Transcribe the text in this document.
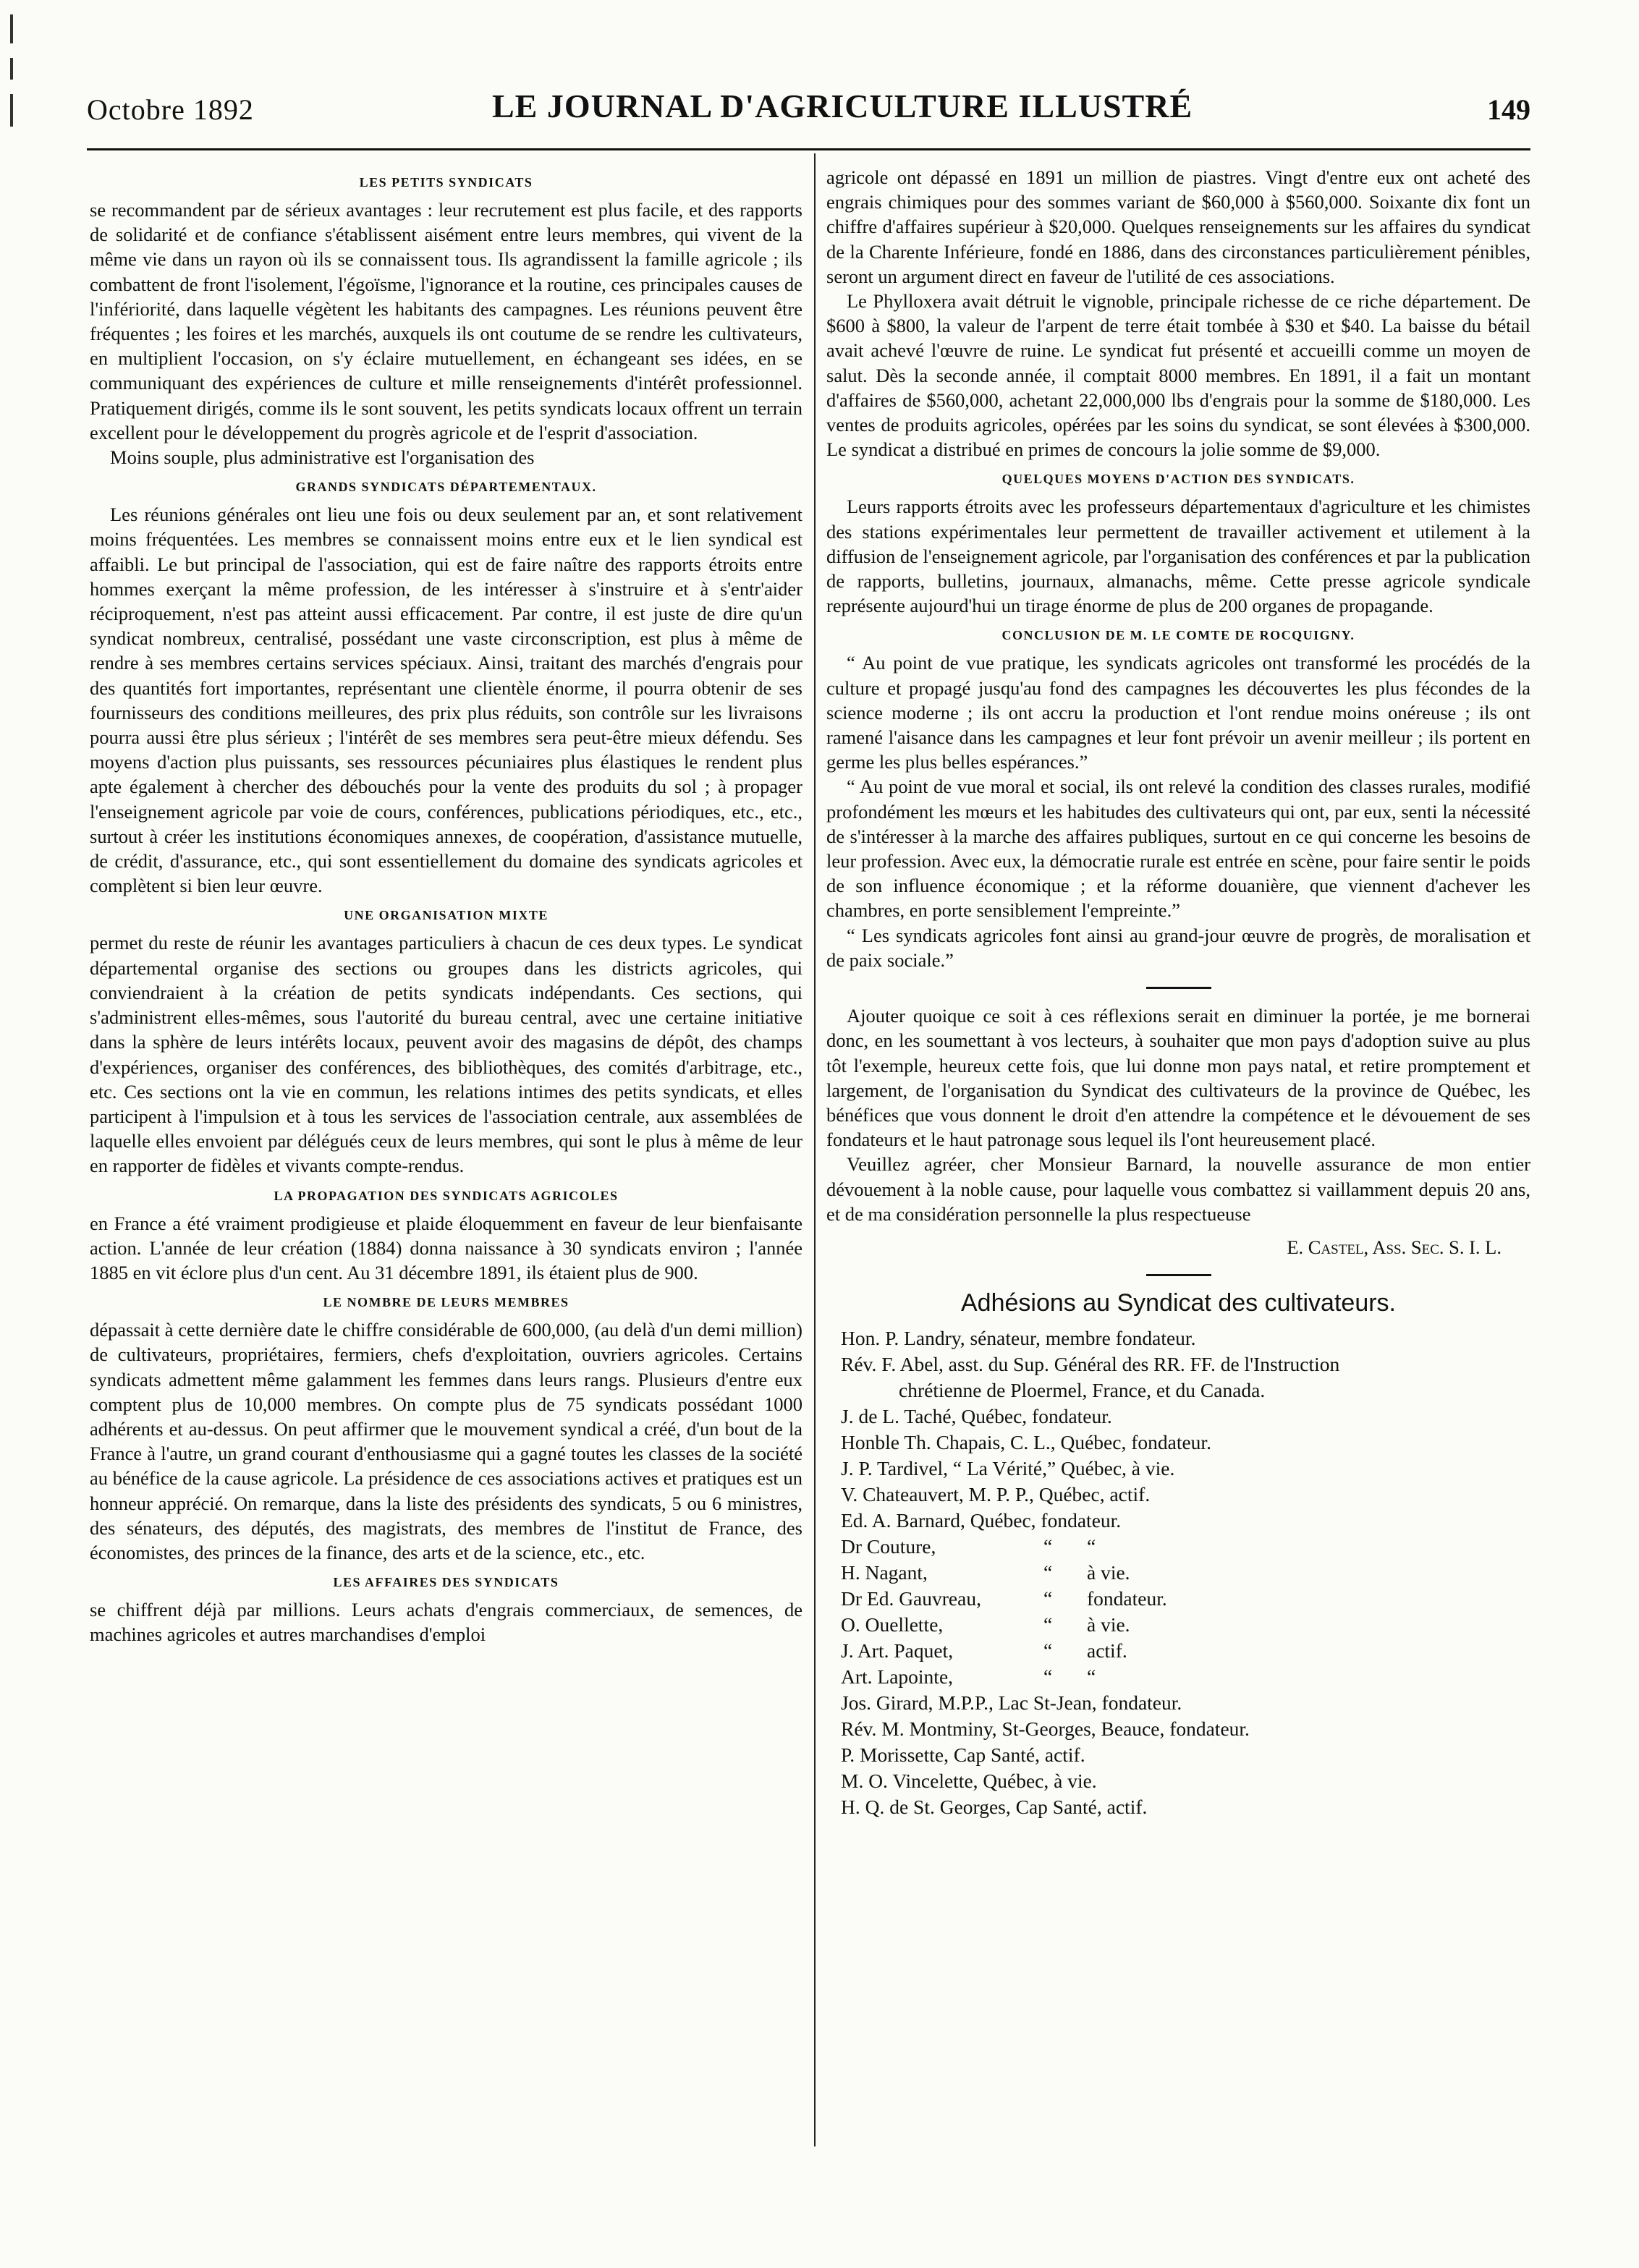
Octobre 1892	LE JOURNAL D'AGRICULTURE ILLUSTRÉ	149
LES PETITS SYNDICATS

se recommandent par de sérieux avantages : leur recrutement est plus facile, et des rapports de solidarité et de confiance s'établissent aisément entre leurs membres, qui vivent de la même vie dans un rayon où ils se connaissent tous. Ils agrandissent la famille agricole ; ils combattent de front l'isolement, l'égoïsme, l'ignorance et la routine, ces principales causes de l'infériorité, dans laquelle végètent les habitants des campagnes. Les réunions peuvent être fréquentes ; les foires et les marchés, auxquels ils ont coutume de se rendre les cultivateurs, en multiplient l'occasion, on s'y éclaire mutuellement, en échangeant ses idées, en se communiquant des expériences de culture et mille renseignements d'intérêt professionnel. Pratiquement dirigés, comme ils le sont souvent, les petits syndicats locaux offrent un terrain excellent pour le développement du progrès agricole et de l'esprit d'association.

Moins souple, plus administrative est l'organisation des

GRANDS SYNDICATS DÉPARTEMENTAUX.

Les réunions générales ont lieu une fois ou deux seulement par an, et sont relativement moins fréquentées. Les membres se connaissent moins entre eux et le lien syndical est affaibli. Le but principal de l'association, qui est de faire naître des rapports étroits entre hommes exerçant la même profession, de les intéresser à s'instruire et à s'entr'aider réciproquement, n'est pas atteint aussi efficacement. Par contre, il est juste de dire qu'un syndicat nombreux, centralisé, possédant une vaste circonscription, est plus à même de rendre à ses membres certains services spéciaux. Ainsi, traitant des marchés d'engrais pour des quantités fort importantes, représentant une clientèle énorme, il pourra obtenir de ses fournisseurs des conditions meilleures, des prix plus réduits, son contrôle sur les livraisons pourra aussi être plus sérieux ; l'intérêt de ses membres sera peut-être mieux défendu. Ses moyens d'action plus puissants, ses ressources pécuniaires plus élastiques le rendent plus apte également à chercher des débouchés pour la vente des produits du sol ; à propager l'enseignement agricole par voie de cours, conférences, publications périodiques, etc., etc., surtout à créer les institutions économiques annexes, de coopération, d'assistance mutuelle, de crédit, d'assurance, etc., qui sont essentiellement du domaine des syndicats agricoles et complètent si bien leur œuvre.

UNE ORGANISATION MIXTE

permet du reste de réunir les avantages particuliers à chacun de ces deux types. Le syndicat départemental organise des sections ou groupes dans les districts agricoles, qui conviendraient à la création de petits syndicats indépendants. Ces sections, qui s'administrent elles-mêmes, sous l'autorité du bureau central, avec une certaine initiative dans la sphère de leurs intérêts locaux, peuvent avoir des magasins de dépôt, des champs d'expériences, organiser des conférences, des bibliothèques, des comités d'arbitrage, etc., etc. Ces sections ont la vie en commun, les relations intimes des petits syndicats, et elles participent à l'impulsion et à tous les services de l'association centrale, aux assemblées de laquelle elles envoient par délégués ceux de leurs membres, qui sont le plus à même de leur en rapporter de fidèles et vivants compte-rendus.

LA PROPAGATION DES SYNDICATS AGRICOLES

en France a été vraiment prodigieuse et plaide éloquemment en faveur de leur bienfaisante action. L'année de leur création (1884) donna naissance à 30 syndicats environ ; l'année 1885 en vit éclore plus d'un cent. Au 31 décembre 1891, ils étaient plus de 900.

LE NOMBRE DE LEURS MEMBRES

dépassait à cette dernière date le chiffre considérable de 600,000, (au delà d'un demi million) de cultivateurs, propriétaires, fermiers, chefs d'exploitation, ouvriers agricoles. Certains syndicats admettent même galamment les femmes dans leurs rangs. Plusieurs d'entre eux comptent plus de 10,000 membres. On compte plus de 75 syndicats possédant 1000 adhérents et au-dessus. On peut affirmer que le mouvement syndical a créé, d'un bout de la France à l'autre, un grand courant d'enthousiasme qui a gagné toutes les classes de la société au bénéfice de la cause agricole. La présidence de ces associations actives et pratiques est un honneur apprécié. On remarque, dans la liste des présidents des syndicats, 5 ou 6 ministres, des sénateurs, des députés, des magistrats, des membres de l'institut de France, des économistes, des princes de la finance, des arts et de la science, etc., etc.

LES AFFAIRES DES SYNDICATS

se chiffrent déjà par millions. Leurs achats d'engrais commerciaux, de semences, de machines agricoles et autres marchandises d'emploi

agricole ont dépassé en 1891 un million de piastres. Vingt d'entre eux ont acheté des engrais chimiques pour des sommes variant de $60,000 à $560,000. Soixante dix font un chiffre d'affaires supérieur à $20,000. Quelques renseignements sur les affaires du syndicat de la Charente Inférieure, fondé en 1886, dans des circonstances particulièrement pénibles, seront un argument direct en faveur de l'utilité de ces associations.

Le Phylloxera avait détruit le vignoble, principale richesse de ce riche département. De $600 à $800, la valeur de l'arpent de terre était tombée à $30 et $40. La baisse du bétail avait achevé l'œuvre de ruine. Le syndicat fut présenté et accueilli comme un moyen de salut. Dès la seconde année, il comptait 8000 membres. En 1891, il a fait un montant d'affaires de $560,000, achetant 22,000,000 lbs d'engrais pour la somme de $180,000. Les ventes de produits agricoles, opérées par les soins du syndicat, se sont élevées à $300,000. Le syndicat a distribué en primes de concours la jolie somme de $9,000.

QUELQUES MOYENS D'ACTION DES SYNDICATS.

Leurs rapports étroits avec les professeurs départementaux d'agriculture et les chimistes des stations expérimentales leur permettent de travailler activement et utilement à la diffusion de l'enseignement agricole, par l'organisation des conférences et par la publication de rapports, bulletins, journaux, almanachs, même. Cette presse agricole syndicale représente aujourd'hui un tirage énorme de plus de 200 organes de propagande.

CONCLUSION DE M. LE COMTE DE ROCQUIGNY.

“ Au point de vue pratique, les syndicats agricoles ont transformé les procédés de la culture et propagé jusqu'au fond des campagnes les découvertes les plus fécondes de la science moderne ; ils ont accru la production et l'ont rendue moins onéreuse ; ils ont ramené l'aisance dans les campagnes et leur font prévoir un avenir meilleur ; ils portent en germe les plus belles espérances.”

“ Au point de vue moral et social, ils ont relevé la condition des classes rurales, modifié profondément les mœurs et les habitudes des cultivateurs qui ont, par eux, senti la nécessité de s'intéresser à la marche des affaires publiques, surtout en ce qui concerne les besoins de leur profession. Avec eux, la démocratie rurale est entrée en scène, pour faire sentir le poids de son influence économique ; et la réforme douanière, que viennent d'achever les chambres, en porte sensiblement l'empreinte.”

“ Les syndicats agricoles font ainsi au grand-jour œuvre de progrès, de moralisation et de paix sociale.”

Ajouter quoique ce soit à ces réflexions serait en diminuer la portée, je me bornerai donc, en les soumettant à vos lecteurs, à souhaiter que mon pays d'adoption suive au plus tôt l'exemple, heureux cette fois, que lui donne mon pays natal, et retire promptement et largement, de l'organisation du Syndicat des cultivateurs de la province de Québec, les bénéfices que vous donnent le droit d'en attendre la compétence et le dévouement de ses fondateurs et le haut patronage sous lequel ils l'ont heureusement placé.

Veuillez agréer, cher Monsieur Barnard, la nouvelle assurance de mon entier dévouement à la noble cause, pour laquelle vous combattez si vaillamment depuis 20 ans, et de ma considération personnelle la plus respectueuse

E. Castel, Ass. Sec. S. I. L.
Adhésions au Syndicat des cultivateurs.
Hon. P. Landry, sénateur, membre fondateur.
Rév. F. Abel, asst. du Sup. Général des RR. FF. de l'Instruction
chrétienne de Ploermel, France, et du Canada.
J. de L. Taché, Québec, fondateur.
Honble Th. Chapais, C. L., Québec, fondateur.
J. P. Tardivel, “ La Vérité,” Québec, à vie.
V. Chateauvert, M. P. P., Québec, actif.
Ed. A. Barnard, Québec, fondateur.
Dr Couture,	“	“
H. Nagant,	“	à vie.
Dr Ed. Gauvreau,	“	fondateur.
O. Ouellette,	“	à vie.
J. Art. Paquet,	“	actif.
Art. Lapointe,	“	“
Jos. Girard, M.P.P., Lac St-Jean, fondateur.
Rév. M. Montminy, St-Georges, Beauce, fondateur.
P. Morissette, Cap Santé, actif.
M. O. Vincelette, Québec, à vie.
H. Q. de St. Georges, Cap Santé, actif.
